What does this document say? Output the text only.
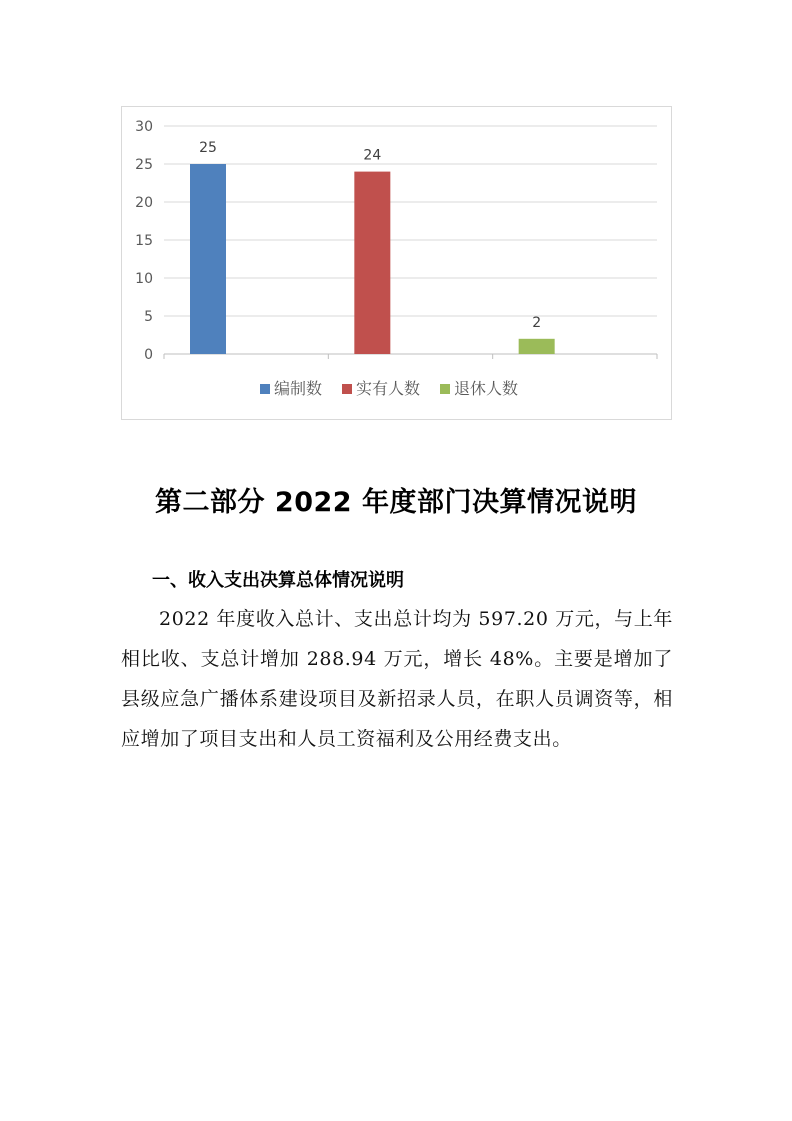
0
5
10
15
20
25
30
25	24
2
编制数 实有人数 退休人数
第二部分 2022 年度部门决算情况说明
一、收入支出决算总体情况说明

2022 年度收入总计、支出总计均为 597.20 万元，与上年相比收、支总计增加 288.94 万元，增长 48%。主要是增加了县级应急广播体系建设项目及新招录人员，在职人员调资等，相应增加了项目支出和人员工资福利及公用经费支出。
